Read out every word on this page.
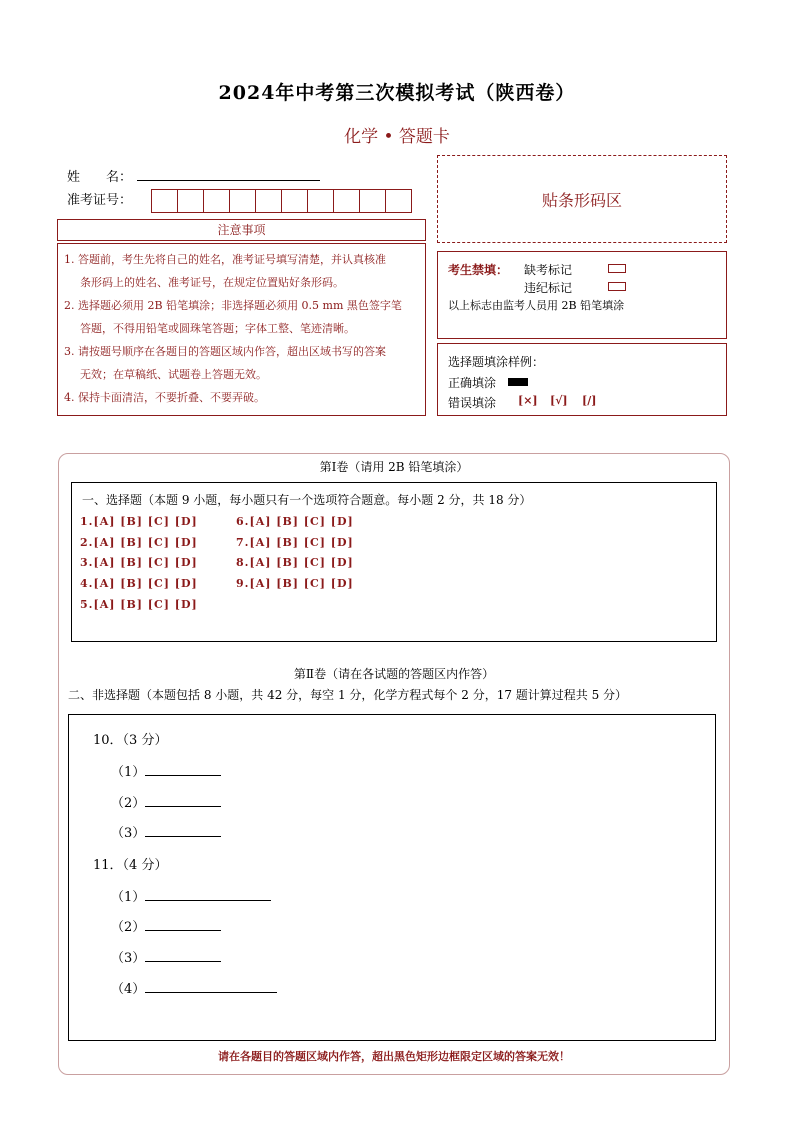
2024年中考第三次模拟考试（陕西卷）
化学 • 答题卡
姓　　名：
准考证号：	贴条形码区
注意事项

1. 答题前，考生先将自己的姓名，准考证号填写清楚，并认真核准

条形码上的姓名、准考证号，在规定位置贴好条形码。

2. 选择题必须用 2B 铅笔填涂；非选择题必须用 0.5 mm 黑色签字笔

答题，不得用铅笔或圆珠笔答题；字体工整、笔迹清晰。

3. 请按题号顺序在各题目的答题区域内作答，超出区域书写的答案

无效；在草稿纸、试题卷上答题无效。

4. 保持卡面清洁，不要折叠、不要弄破。

考生禁填： 缺考标记
违纪标记
以上标志由监考人员用 2B 铅笔填涂
选择题填涂样例：
正确填涂
错误填涂 [×] [√] [/]
第Ⅰ卷（请用 2B 铅笔填涂）
一、选择题（本题 9 小题，每小题只有一个选项符合题意。每小题 2 分，共 18 分）
1.[A] [B] [C] [D]
2.[A] [B] [C] [D]
3.[A] [B] [C] [D]
4.[A] [B] [C] [D]
5.[A] [B] [C] [D]
6.[A] [B] [C] [D]
7.[A] [B] [C] [D]
8.[A] [B] [C] [D]
9.[A] [B] [C] [D]
第Ⅱ卷（请在各试题的答题区内作答）
二、非选择题（本题包括 8 小题，共 42 分，每空 1 分，化学方程式每个 2 分，17 题计算过程共 5 分）
10．（3 分）
（1）
（2）
（3）
11．（4 分）
（1）
（2）
（3）
（4）
请在各题目的答题区域内作答，超出黑色矩形边框限定区域的答案无效！
